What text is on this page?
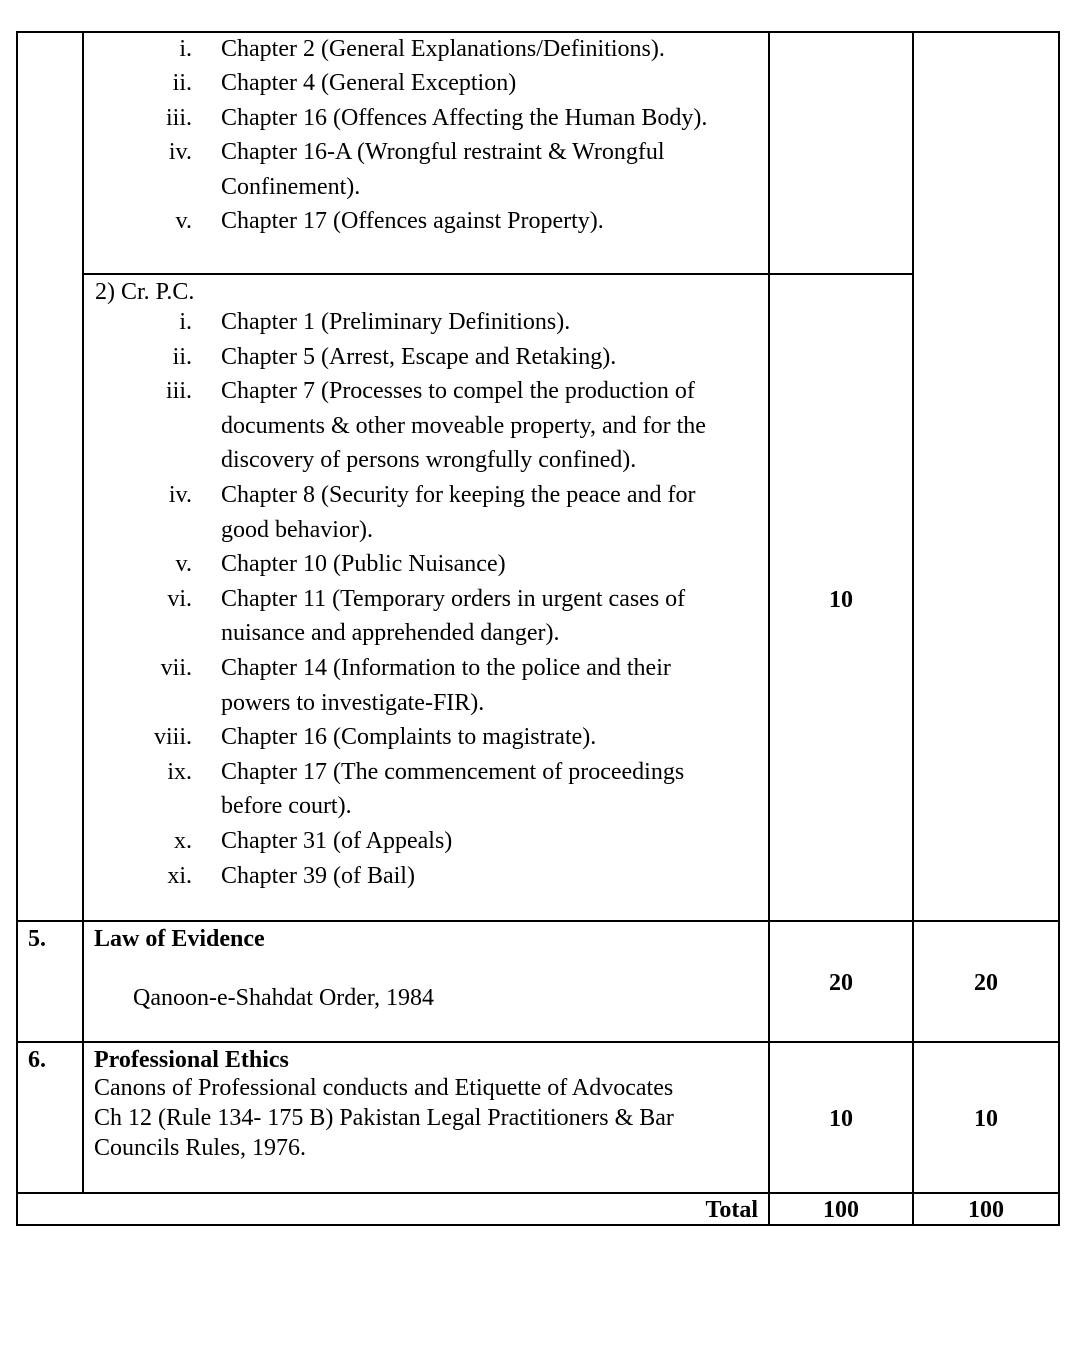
i. Chapter 2 (General Explanations/Definitions).
ii. Chapter 4 (General Exception)
iii. Chapter 16 (Offences Affecting the Human Body).
iv. Chapter 16-A (Wrongful restraint & Wrongful
Confinement).
v. Chapter 17 (Offences against Property).
2) Cr. P.C.
i. Chapter 1 (Preliminary Definitions).
ii. Chapter 5 (Arrest, Escape and Retaking).
iii. Chapter 7 (Processes to compel the production of
documents & other moveable property, and for the
discovery of persons wrongfully confined).
iv. Chapter 8 (Security for keeping the peace and for
good behavior).
v. Chapter 10 (Public Nuisance)
vi. Chapter 11 (Temporary orders in urgent cases of
nuisance and apprehended danger).
vii. Chapter 14 (Information to the police and their
powers to investigate-FIR).
viii. Chapter 16 (Complaints to magistrate).
ix. Chapter 17 (The commencement of proceedings
before court).
x. Chapter 31 (of Appeals)
xi. Chapter 39 (of Bail)
10
5. Law of Evidence
Qanoon-e-Shahdat Order, 1984
20	20
6. Professional Ethics
Canons of Professional conducts and Etiquette of Advocates
Ch 12 (Rule 134- 175 B) Pakistan Legal Practitioners & Bar
Councils Rules, 1976.
10	10
Total	100	100
